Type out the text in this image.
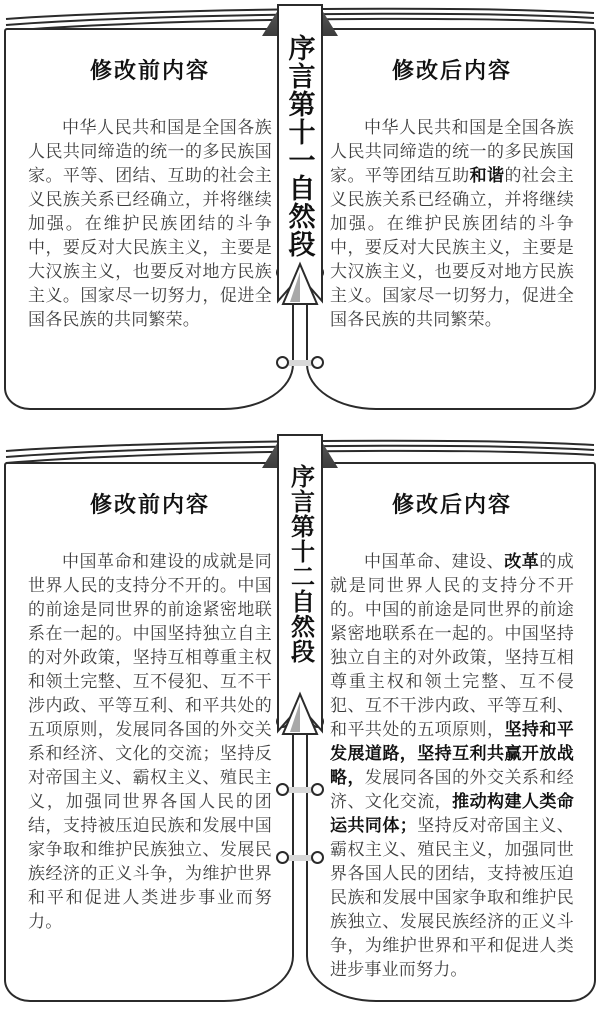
修改前内容

中华人民共和国是全国各族人民共同缔造的统一的多民族国家。平等、团结、互助的社会主义民族关系已经确立，并将继续加强。在维护民族团结的斗争中，要反对大民族主义，主要是大汉族主义，也要反对地方民族主义。国家尽一切努力，促进全国各民族的共同繁荣。

修改后内容

中华人民共和国是全国各族人民共同缔造的统一的多民族国家。平等团结互助和谐的社会主义民族关系已经确立，并将继续加强。在维护民族团结的斗争中，要反对大民族主义，主要是大汉族主义，也要反对地方民族主义。国家尽一切努力，促进全国各民族的共同繁荣。

序言第十一自然段
修改前内容

中国革命和建设的成就是同世界人民的支持分不开的。中国的前途是同世界的前途紧密地联系在一起的。中国坚持独立自主的对外政策，坚持互相尊重主权和领土完整、互不侵犯、互不干涉内政、平等互利、和平共处的五项原则，发展同各国的外交关系和经济、文化的交流；坚持反对帝国主义、霸权主义、殖民主义，加强同世界各国人民的团结，支持被压迫民族和发展中国家争取和维护民族独立、发展民族经济的正义斗争，为维护世界和平和促进人类进步事业而努力。

修改后内容

中国革命、建设、改革的成就是同世界人民的支持分不开的。中国的前途是同世界的前途紧密地联系在一起的。中国坚持独立自主的对外政策，坚持互相尊重主权和领土完整、互不侵犯、互不干涉内政、平等互利、和平共处的五项原则，坚持和平发展道路，坚持互利共赢开放战略，发展同各国的外交关系和经济、文化交流，推动构建人类命运共同体；坚持反对帝国主义、霸权主义、殖民主义，加强同世界各国人民的团结，支持被压迫民族和发展中国家争取和维护民族独立、发展民族经济的正义斗争，为维护世界和平和促进人类进步事业而努力。

序言第十二自然段
